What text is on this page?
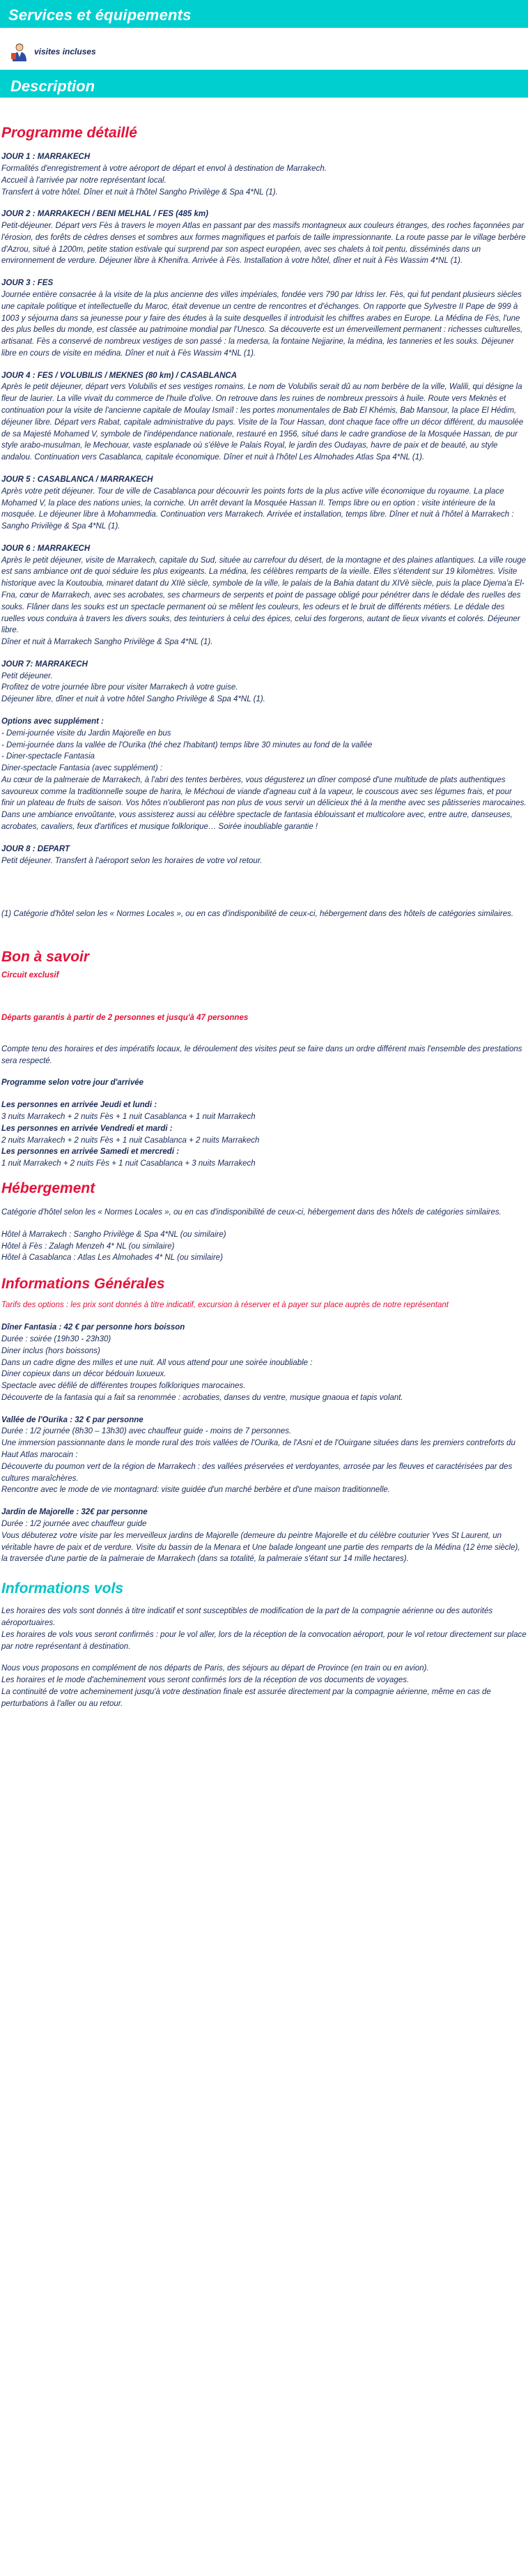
Services et équipements
visites incluses
Description
Programme détaillé

JOUR 1 : MARRAKECH

Formalités d'enregistrement à votre aéroport de départ et envol à destination de Marrakech.

Accueil à l'arrivée par notre représentant local.

Transfert à votre hôtel. Dîner et nuit à l'hôtel Sangho Privilège & Spa 4*NL (1).

JOUR 2 : MARRAKECH / BENI MELHAL / FES (485 km)

Petit-déjeuner. Départ vers Fès à travers le moyen Atlas en passant par des massifs montagneux aux couleurs étranges, des roches façonnées par l'érosion, des forêts de cèdres denses et sombres aux formes magnifiques et parfois de taille impressionnante. La route passe par le village berbère d'Azrou, situé à 1200m, petite station estivale qui surprend par son aspect européen, avec ses chalets à toit pentu, disséminés dans un environnement de verdure. Déjeuner libre à Khenifra. Arrivée à Fès. Installation à votre hôtel, dîner et nuit à Fès Wassim 4*NL (1).

JOUR 3 : FES

Journée entière consacrée à la visite de la plus ancienne des villes impériales, fondée vers 790 par Idriss Ier. Fès, qui fut pendant plusieurs siècles une capitale politique et intellectuelle du Maroc, était devenue un centre de rencontres et d'échanges. On rapporte que Sylvestre II Pape de 999 à 1003 y séjourna dans sa jeunesse pour y faire des études à la suite desquelles il introduisit les chiffres arabes en Europe. La Médina de Fès, l'une des plus belles du monde, est classée au patrimoine mondial par l'Unesco. Sa découverte est un émerveillement permanent : richesses culturelles, artisanat. Fès a conservé de nombreux vestiges de son passé : la medersa, la fontaine Nejjarine, la médina, les tanneries et les souks. Déjeuner libre en cours de visite en médina. Dîner et nuit à Fès Wassim 4*NL (1).

JOUR 4 : FES / VOLUBILIS / MEKNES (80 km) / CASABLANCA

Après le petit déjeuner, départ vers Volubilis et ses vestiges romains. Le nom de Volubilis serait dû au nom berbère de la ville, Walili, qui désigne la fleur de laurier. La ville vivait du commerce de l'huile d'olive. On retrouve dans les ruines de nombreux pressoirs à huile. Route vers Meknès et continuation pour la visite de l'ancienne capitale de Moulay Ismaïl : les portes monumentales de Bab El Khémis, Bab Mansour, la place El Hédim, déjeuner libre. Départ vers Rabat, capitale administrative du pays. Visite de la Tour Hassan, dont chaque face offre un décor différent, du mausolée de sa Majesté Mohamed V, symbole de l'indépendance nationale, restauré en 1956, situé dans le cadre grandiose de la Mosquée Hassan, de pur style arabo-musulman, le Mechouar, vaste esplanade où s'élève le Palais Royal, le jardin des Oudayas, havre de paix et de beauté, au style andalou. Continuation vers Casablanca, capitale économique. Dîner et nuit à l'hôtel Les Almohades Atlas Spa 4*NL (1).

JOUR 5 : CASABLANCA / MARRAKECH

Après votre petit déjeuner. Tour de ville de Casablanca pour découvrir les points forts de la plus active ville économique du royaume. La place Mohamed V, la place des nations unies, la corniche. Un arrêt devant la Mosquée Hassan II. Temps libre ou en option : visite intérieure de la mosquée. Le déjeuner libre à Mohammedia. Continuation vers Marrakech. Arrivée et installation, temps libre. Dîner et nuit à l'hôtel à Marrakech : Sangho Privilège & Spa 4*NL (1).

JOUR 6 : MARRAKECH

Après le petit déjeuner, visite de Marrakech, capitale du Sud, située au carrefour du désert, de la montagne et des plaines atlantiques. La ville rouge est sans ambiance ont de quoi séduire les plus exigeants. La médina, les célèbres remparts de la vieille. Elles s'étendent sur 19 kilomètres. Visite historique avec la Koutoubia, minaret datant du XIIè siècle, symbole de la ville, le palais de la Bahia datant du XIVè siècle, puis la place Djema'a El-Fna, cœur de Marrakech, avec ses acrobates, ses charmeurs de serpents et point de passage obligé pour pénétrer dans le dédale des ruelles des souks. Flâner dans les souks est un spectacle permanent où se mêlent les couleurs, les odeurs et le bruit de différents métiers. Le dédale des ruelles vous conduira à travers les divers souks, des teinturiers à celui des épices, celui des forgerons, autant de lieux vivants et colorés. Déjeuner libre.

Dîner et nuit à Marrakech Sangho Privilège & Spa 4*NL (1).

JOUR 7: MARRAKECH

Petit déjeuner.

Profitez de votre journée libre pour visiter Marrakech à votre guise.

Déjeuner libre, dîner et nuit à votre hôtel Sangho Privilège & Spa 4*NL (1).

Options avec supplément :

- Demi-journée visite du Jardin Majorelle en bus

- Demi-journée dans la vallée de l'Ourika (thé chez l'habitant) temps libre 30 minutes au fond de la vallée

- Diner-spectacle Fantasia

Diner-spectacle Fantasia (avec supplément) :

Au cœur de la palmeraie de Marrakech, à l'abri des tentes berbères, vous dégusterez un dîner composé d'une multitude de plats authentiques savoureux comme la traditionnelle soupe de harira, le Méchoui de viande d'agneau cuit à la vapeur, le couscous avec ses légumes frais, et pour finir un plateau de fruits de saison. Vos hôtes n'oublieront pas non plus de vous servir un délicieux thé à la menthe avec ses pâtisseries marocaines. Dans une ambiance envoûtante, vous assisterez aussi au célèbre spectacle de fantasia éblouissant et multicolore avec, entre autre, danseuses, acrobates, cavaliers, feux d'artifices et musique folklorique… Soirée inoubliable garantie !

JOUR 8 : DEPART

Petit déjeuner. Transfert à l'aéroport selon les horaires de votre vol retour.

(1) Catégorie d'hôtel selon les « Normes Locales », ou en cas d'indisponibilité de ceux-ci, hébergement dans des hôtels de catégories similaires.

Bon à savoir

Circuit exclusif

Départs garantis à partir de 2 personnes et jusqu'à 47 personnes

Compte tenu des horaires et des impératifs locaux, le déroulement des visites peut se faire dans un ordre différent mais l'ensemble des prestations sera respecté.

Programme selon votre jour d'arrivée

Les personnes en arrivée Jeudi et lundi :

3 nuits Marrakech + 2 nuits Fès + 1 nuit Casablanca + 1 nuit Marrakech

Les personnes en arrivée Vendredi et mardi :

2 nuits Marrakech + 2 nuits Fès + 1 nuit Casablanca + 2 nuits Marrakech

Les personnes en arrivée Samedi et mercredi :

1 nuit Marrakech + 2 nuits Fès + 1 nuit Casablanca + 3 nuits Marrakech

Hébergement

Catégorie d'hôtel selon les « Normes Locales », ou en cas d'indisponibilité de ceux-ci, hébergement dans des hôtels de catégories similaires.

Hôtel à Marrakech : Sangho Privilège & Spa 4*NL (ou similaire)

Hôtel à Fès : Zalagh Menzeh 4* NL (ou similaire)

Hôtel à Casablanca : Atlas Les Almohades 4* NL (ou similaire)

Informations Générales

Tarifs des options : les prix sont donnés à titre indicatif, excursion à réserver et à payer sur place auprès de notre représentant

Dîner Fantasia : 42 € par personne hors boisson

Durée : soirée (19h30 - 23h30)

Diner inclus (hors boissons)

Dans un cadre digne des milles et une nuit. All vous attend pour une soirée inoubliable :

Diner copieux dans un décor bédouin luxueux.

Spectacle avec défilé de différentes troupes folkloriques marocaines.

Découverte de la fantasia qui a fait sa renommée : acrobaties, danses du ventre, musique gnaoua et tapis volant.

Vallée de l'Ourika : 32 € par personne

Durée : 1/2 journée (8h30 – 13h30) avec chauffeur guide - moins de 7 personnes.

Une immersion passionnante dans le monde rural des trois vallées de l'Ourika, de l'Asni et de l'Ouirgane situées dans les premiers contreforts du Haut Atlas marocain :

Découverte du poumon vert de la région de Marrakech : des vallées préservées et verdoyantes, arrosée par les fleuves et caractérisées par des cultures maraîchères.

Rencontre avec le mode de vie montagnard: visite guidée d'un marché berbère et d'une maison traditionnelle.

Jardin de Majorelle : 32€ par personne

Durée : 1/2 journée avec chauffeur guide

Vous débuterez votre visite par les merveilleux jardins de Majorelle (demeure du peintre Majorelle et du célèbre couturier Yves St Laurent, un véritable havre de paix et de verdure. Visite du bassin de la Menara et Une balade longeant une partie des remparts de la Médina (12 ème siècle), la traversée d'une partie de la palmeraie de Marrakech (dans sa totalité, la palmeraie s'étant sur 14 mille hectares).

Informations vols

Les horaires des vols sont donnés à titre indicatif et sont susceptibles de modification de la part de la compagnie aérienne ou des autorités aéroportuaires.

Les horaires de vols vous seront confirmés : pour le vol aller, lors de la réception de la convocation aéroport, pour le vol retour directement sur place par notre représentant à destination.

Nous vous proposons en complément de nos départs de Paris, des séjours au départ de Province (en train ou en avion).

Les horaires et le mode d'acheminement vous seront confirmés lors de la réception de vos documents de voyages.

La continuité de votre acheminement jusqu'à votre destination finale est assurée directement par la compagnie aérienne, même en cas de perturbations à l'aller ou au retour.
